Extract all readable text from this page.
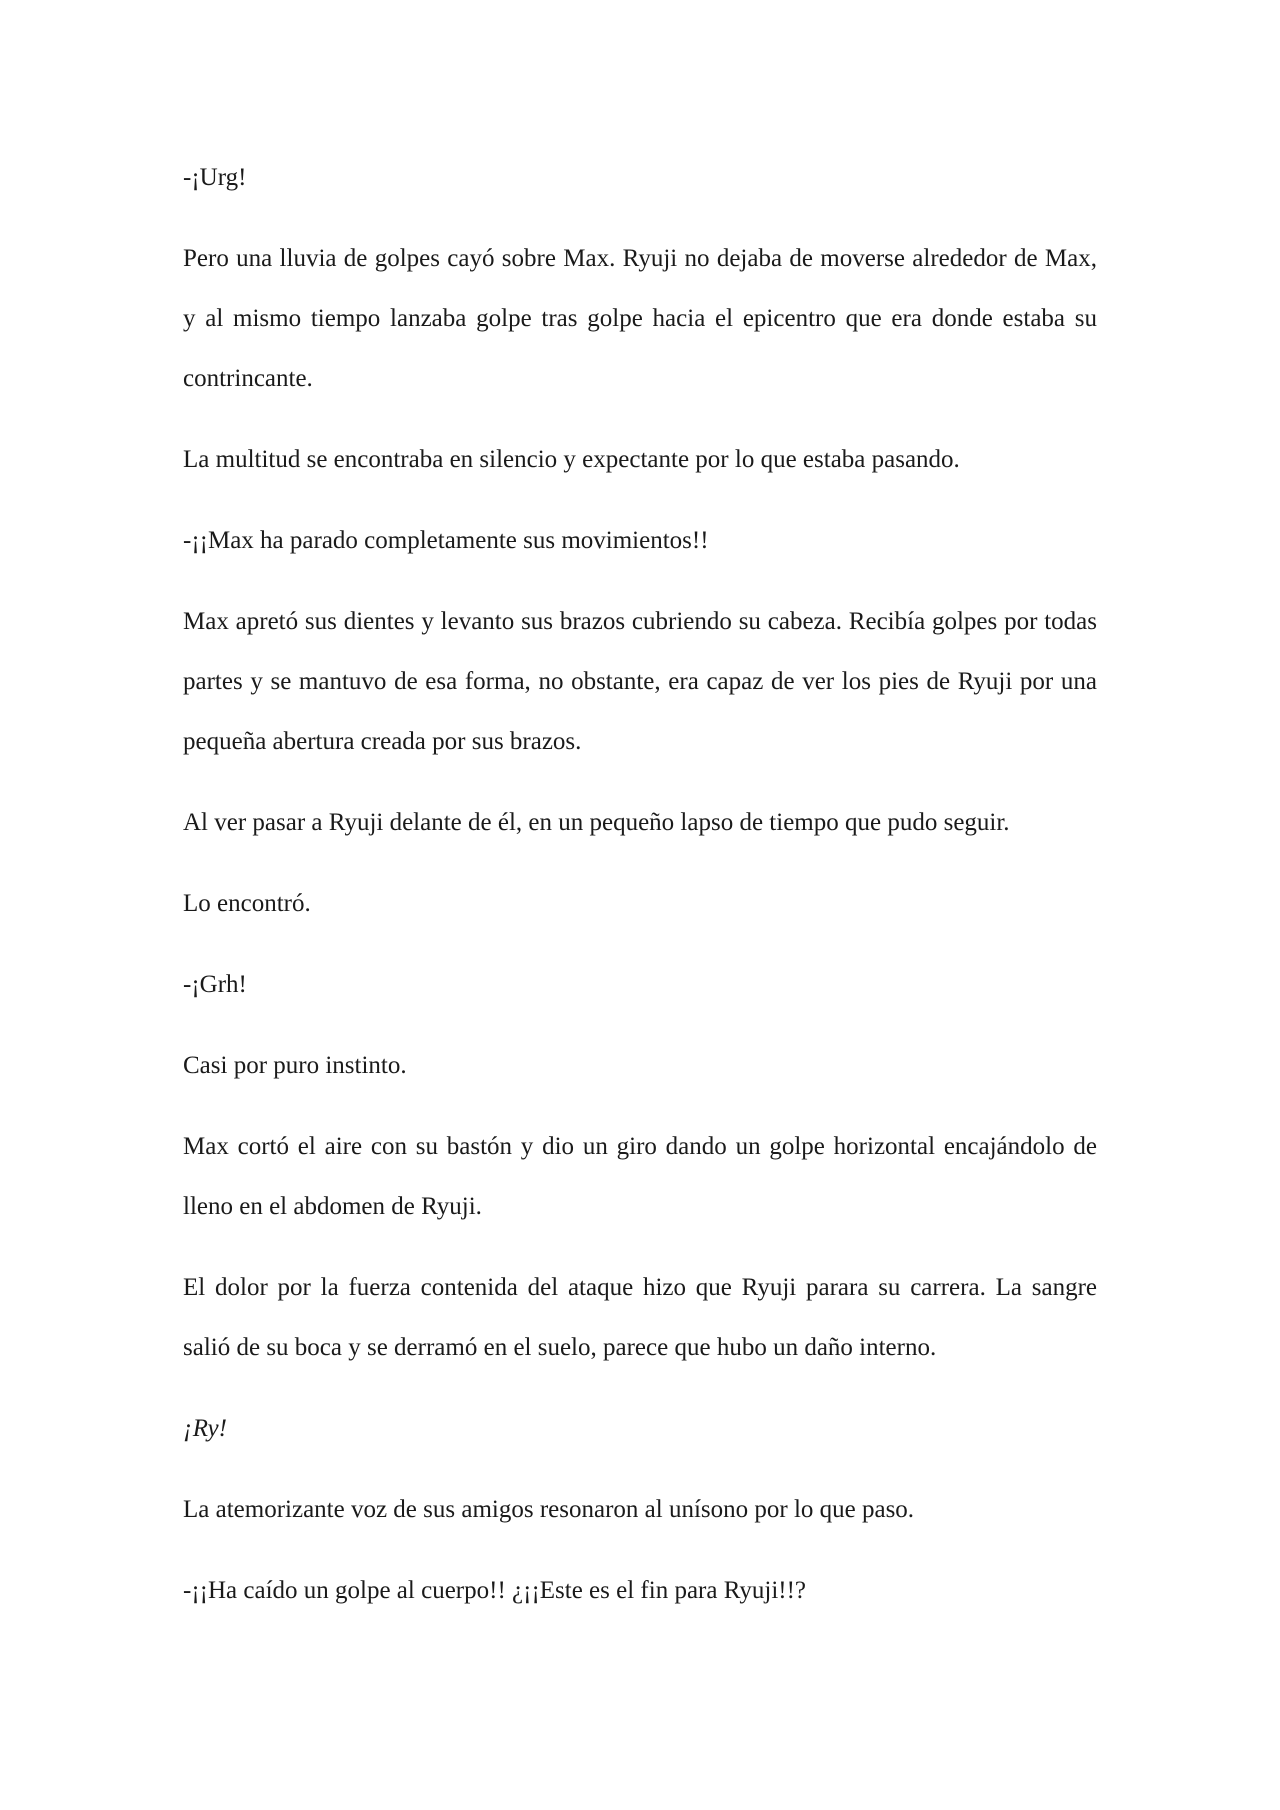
-¡Urg!

Pero una lluvia de golpes cayó sobre Max. Ryuji no dejaba de moverse alrededor de Max, y al mismo tiempo lanzaba golpe tras golpe hacia el epicentro que era donde estaba su contrincante.

La multitud se encontraba en silencio y expectante por lo que estaba pasando.

-¡¡Max ha parado completamente sus movimientos!!

Max apretó sus dientes y levanto sus brazos cubriendo su cabeza. Recibía golpes por todas partes y se mantuvo de esa forma, no obstante, era capaz de ver los pies de Ryuji por una pequeña abertura creada por sus brazos.

Al ver pasar a Ryuji delante de él, en un pequeño lapso de tiempo que pudo seguir.

Lo encontró.

-¡Grh!

Casi por puro instinto.

Max cortó el aire con su bastón y dio un giro dando un golpe horizontal encajándolo de lleno en el abdomen de Ryuji.

El dolor por la fuerza contenida del ataque hizo que Ryuji parara su carrera. La sangre salió de su boca y se derramó en el suelo, parece que hubo un daño interno.

¡Ry!

La atemorizante voz de sus amigos resonaron al unísono por lo que paso.

-¡¡Ha caído un golpe al cuerpo!! ¿¡¡Este es el fin para Ryuji!!?
